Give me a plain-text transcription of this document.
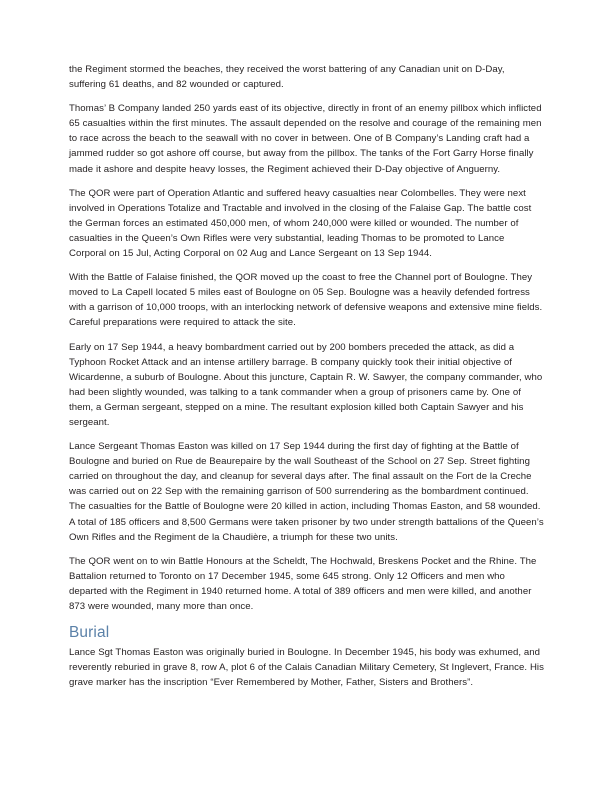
the Regiment stormed the beaches, they received the worst battering of any Canadian unit on D-Day, suffering 61 deaths, and 82 wounded or captured.

Thomas’ B Company landed 250 yards east of its objective, directly in front of an enemy pillbox which inflicted 65 casualties within the first minutes. The assault depended on the resolve and courage of the remaining men to race across the beach to the seawall with no cover in between. One of B Company’s Landing craft had a jammed rudder so got ashore off course, but away from the pillbox. The tanks of the Fort Garry Horse finally made it ashore and despite heavy losses, the Regiment achieved their D-Day objective of Anguerny.

The QOR were part of Operation Atlantic and suffered heavy casualties near Colombelles. They were next involved in Operations Totalize and Tractable and involved in the closing of the Falaise Gap. The battle cost the German forces an estimated 450,000 men, of whom 240,000 were killed or wounded. The number of casualties in the Queen’s Own Rifles were very substantial, leading Thomas to be promoted to Lance Corporal on 15 Jul, Acting Corporal on 02 Aug and Lance Sergeant on 13 Sep 1944.

With the Battle of Falaise finished, the QOR moved up the coast to free the Channel port of Boulogne. They moved to La Capell located 5 miles east of Boulogne on 05 Sep. Boulogne was a heavily defended fortress with a garrison of 10,000 troops, with an interlocking network of defensive weapons and extensive mine fields. Careful preparations were required to attack the site.

Early on 17 Sep 1944, a heavy bombardment carried out by 200 bombers preceded the attack, as did a Typhoon Rocket Attack and an intense artillery barrage. B company quickly took their initial objective of Wicardenne, a suburb of Boulogne. About this juncture, Captain R. W. Sawyer, the company commander, who had been slightly wounded, was talking to a tank commander when a group of prisoners came by. One of them, a German sergeant, stepped on a mine. The resultant explosion killed both Captain Sawyer and his sergeant.

Lance Sergeant Thomas Easton was killed on 17 Sep 1944 during the first day of fighting at the Battle of Boulogne and buried on Rue de Beaurepaire by the wall Southeast of the School on 27 Sep. Street fighting carried on throughout the day, and cleanup for several days after. The final assault on the Fort de la Creche was carried out on 22 Sep with the remaining garrison of 500 surrendering as the bombardment continued. The casualties for the Battle of Boulogne were 20 killed in action, including Thomas Easton, and 58 wounded. A total of 185 officers and 8,500 Germans were taken prisoner by two under strength battalions of the Queen’s Own Rifles and the Regiment de la Chaudière, a triumph for these two units.

The QOR went on to win Battle Honours at the Scheldt, The Hochwald, Breskens Pocket and the Rhine. The Battalion returned to Toronto on 17 December 1945, some 645 strong. Only 12 Officers and men who departed with the Regiment in 1940 returned home. A total of 389 officers and men were killed, and another 873 were wounded, many more than once.

Burial

Lance Sgt Thomas Easton was originally buried in Boulogne. In December 1945, his body was exhumed, and reverently reburied in grave 8, row A, plot 6 of the Calais Canadian Military Cemetery, St Inglevert, France. His grave marker has the inscription “Ever Remembered by Mother, Father, Sisters and Brothers”.
